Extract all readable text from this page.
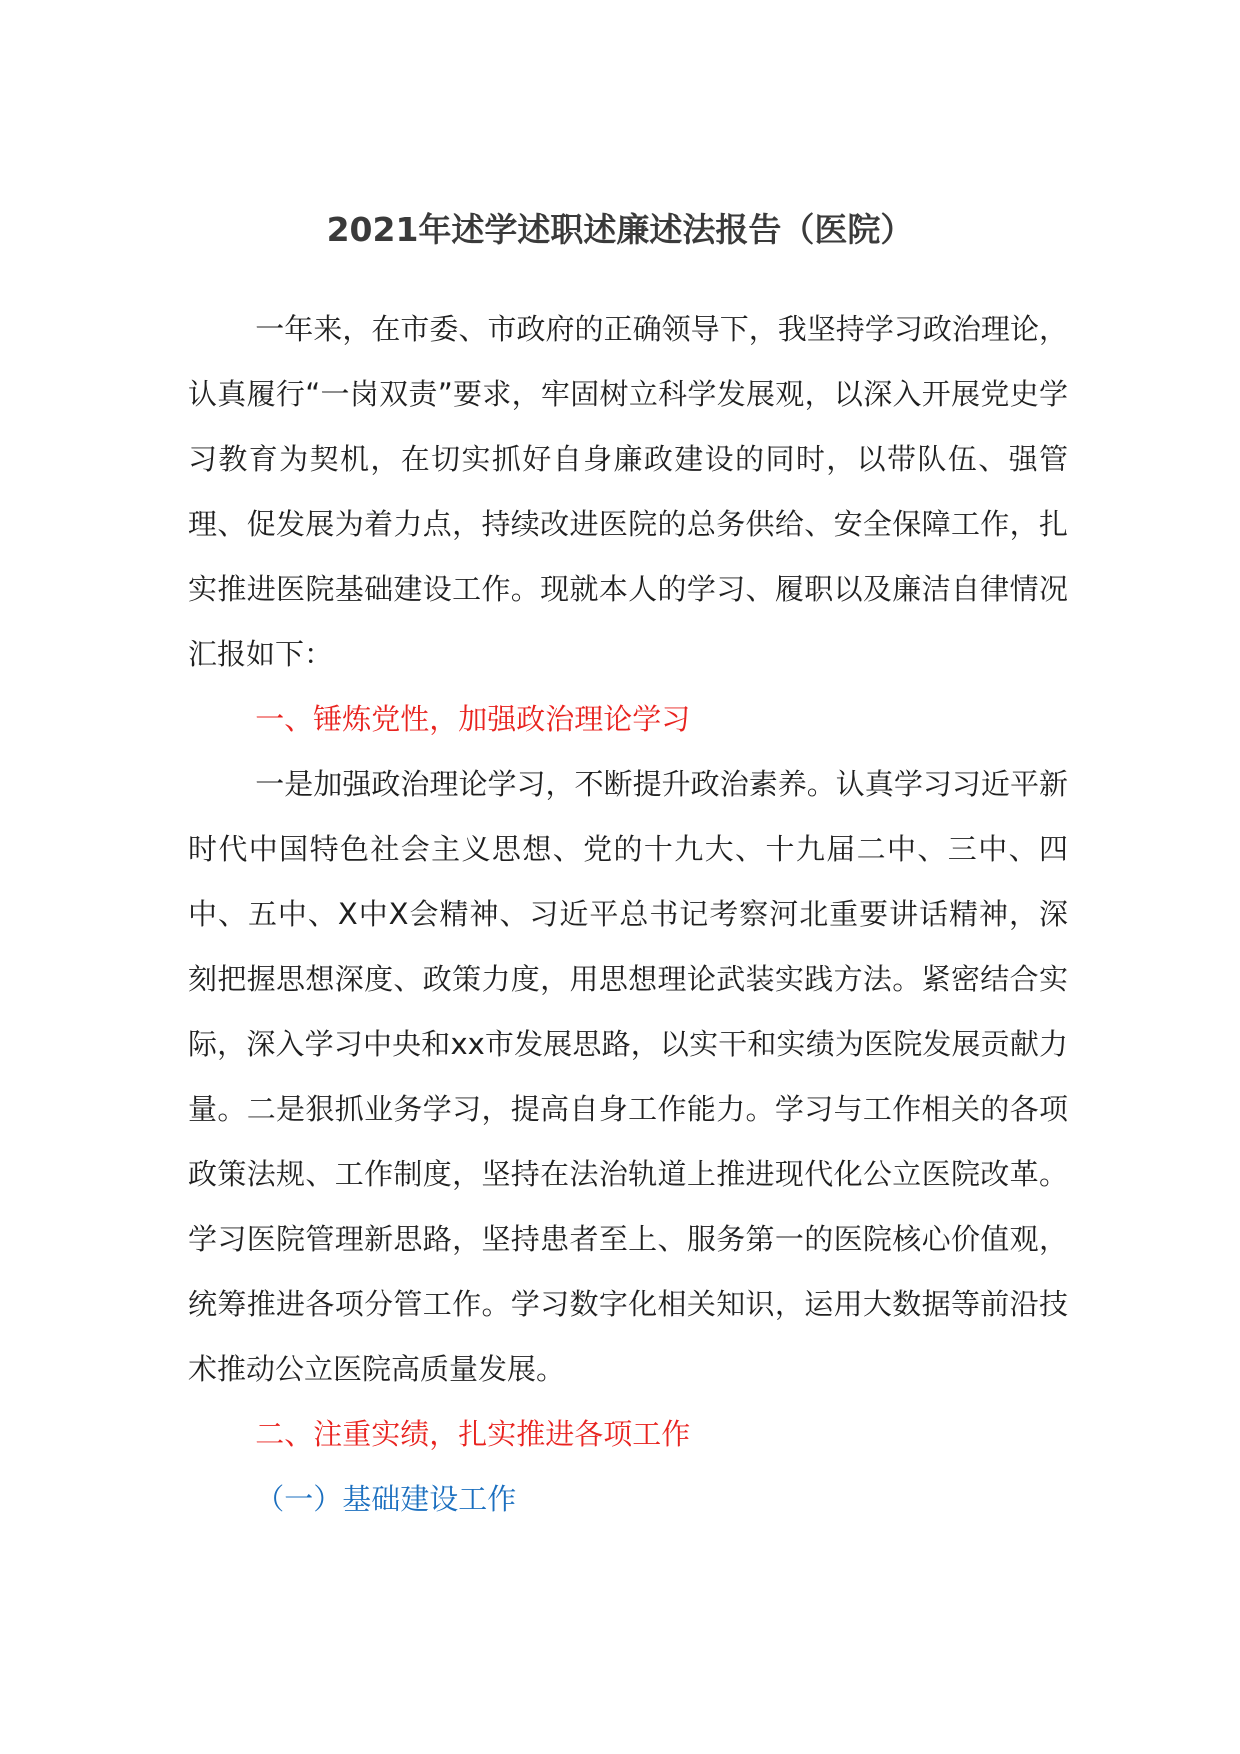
2021年述学述职述廉述法报告（医院）

一年来，在市委、市政府的正确领导下，我坚持学习政治理论，认真履行“一岗双责”要求，牢固树立科学发展观，以深入开展党史学习教育为契机，在切实抓好自身廉政建设的同时，以带队伍、强管理、促发展为着力点，持续改进医院的总务供给、安全保障工作，扎实推进医院基础建设工作。现就本人的学习、履职以及廉洁自律情况汇报如下：

一、锤炼党性，加强政治理论学习

一是加强政治理论学习，不断提升政治素养。认真学习习近平新时代中国特色社会主义思想、党的十九大、十九届二中、三中、四中、五中、X中X会精神、习近平总书记考察河北重要讲话精神，深刻把握思想深度、政策力度，用思想理论武装实践方法。紧密结合实际，深入学习中央和xx市发展思路，以实干和实绩为医院发展贡献力量。二是狠抓业务学习，提高自身工作能力。学习与工作相关的各项政策法规、工作制度，坚持在法治轨道上推进现代化公立医院改革。学习医院管理新思路，坚持患者至上、服务第一的医院核心价值观，统筹推进各项分管工作。学习数字化相关知识，运用大数据等前沿技术推动公立医院高质量发展。

二、注重实绩，扎实推进各项工作

（一）基础建设工作
